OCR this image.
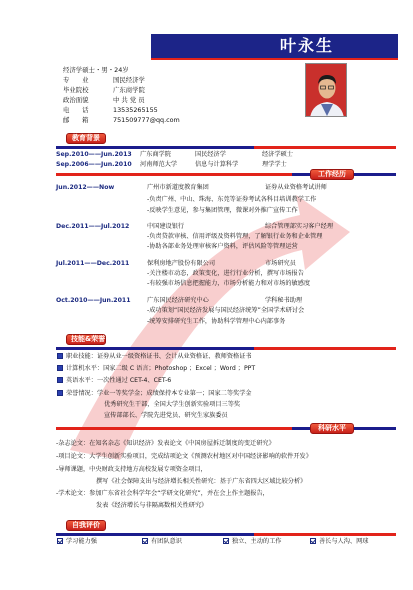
叶永生
经济学硕士・男・24岁
专　　业	国民经济学
毕业院校	广东商学院
政治面貌	中 共 党 员
电　　话	13535265155
邮　　箱	751509777@qq.com
教育背景
Sep.2010——Jun.2013 广东商学院	国民经济学	经济学硕士
Sep.2006——Jun.2010 河南师范大学	信息与计算科学	理学学士
工作经历
Jun.2012——Now	广州市新道度教育集团	证券从业资格考试讲师
-负责广州、中山、珠海、东莞等证券考试各科目培训教学工作
-反映学生意见，参与集团管理，微课对外推广宣传工作
Dec.2011——Jul.2012	中国建设银行	综合管理部实习客户经理
-负责贷款审核、信用评级及资料管理，了解银行业务和企业管理
-协助各部业务处理审核客户资料，评估风险等管理运营
Jul.2011——Dec.2011	保利房地产股份有限公司	市场研究员
-关注楼市动态，政策变化，进行行业分析，撰写市场报告
-有较强市场信息把握能力，市场分析能力和对市场的敏感度
Oct.2010——Jun.2011	广东国民经济研究中心	学科秘书助理
-成功策划“国民经济发展与国民经济统筹”全国学术研讨会
-统筹安排研究生工作，协助科学管理中心内部事务
技能&荣誉
职业技能：证券从业一级资格证书、会计从业资格证、教师资格证书
计算机水平：国家二级 C 语言；Photoshop ；Excel ；Word ；PPT
英语水平：一次性通过 CET-4、CET-6
荣誉情况：学业一等奖学金；成绩保持本专业第一；国家二等奖学金
优秀研究生干部，全国大学生创新实验项目三等奖
宣传部部长、学院先进党员、研究生家族委员
科研水平
-杂志论文：在知名杂志《知识经济》发表论文《中国房屋拆迁制度的变迁研究》
-项目论文：大学生创新实验项目，完成结项论文《预测农村地区对中国经济影响的软件开发》
-导师课题，中央财政支持地方高校发展专项资金项目，
撰写《社会保障支出与经济增长相关性研究：基于广东省四大区域比较分析》
-学术论文：参加广东省社会科学年会“学研文化研究”，并在会上作主题报告，
发表《经济增长与非隔离数相关性研究》
自我评价
学习能力强	有团队意识	独立、主动的工作	善长与人沟、网球
